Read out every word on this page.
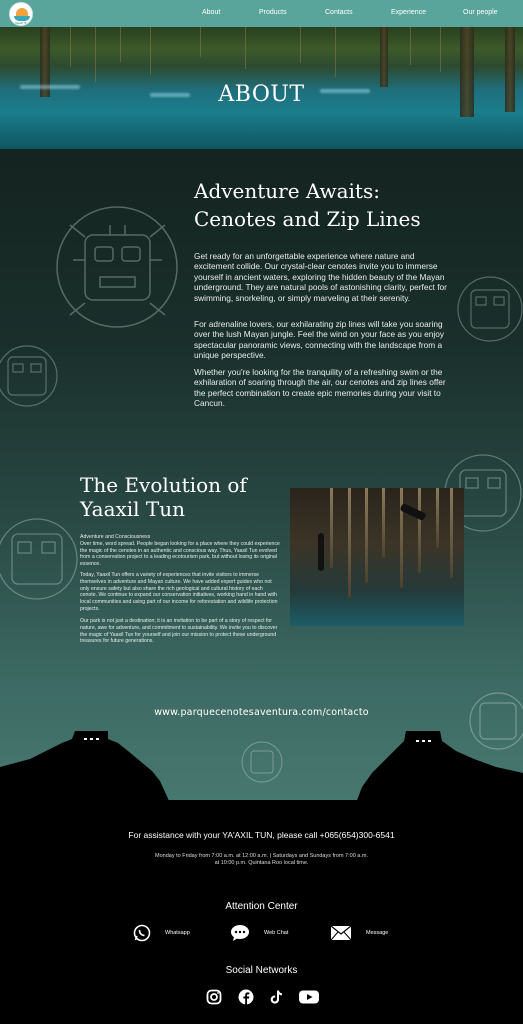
Yaaxil Tun
About	Products	Contacts	Experience	Our people
ABOUT
Adventure Awaits:
Cenotes and Zip Lines

Get ready for an unforgettable experience where nature and excitement collide. Our crystal-clear cenotes invite you to immerse yourself in ancient waters, exploring the hidden beauty of the Mayan underground. They are natural pools of astonishing clarity, perfect for swimming, snorkeling, or simply marveling at their serenity.

For adrenaline lovers, our exhilarating zip lines will take you soaring over the lush Mayan jungle. Feel the wind on your face as you enjoy spectacular panoramic views, connecting with the landscape from a unique perspective.

Whether you're looking for the tranquility of a refreshing swim or the exhilaration of soaring through the air, our cenotes and zip lines offer the perfect combination to create epic memories during your visit to Cancun.

The Evolution of
Yaaxil Tun

Adventure and Consciousness
Over time, word spread. People began looking for a place where they could experience the magic of the cenotes in an authentic and conscious way. Thus, Yaaxil Tun evolved from a conservation project to a leading ecotourism park, but without losing its original essence.

Today, Yaaxil Tun offers a variety of experiences that invite visitors to immerse themselves in adventure and Mayan culture. We have added expert guides who not only ensure safety but also share the rich geological and cultural history of each cenote. We continue to expand our conservation initiatives, working hand in hand with local communities and using part of our income for reforestation and wildlife protection projects.

Our park is not just a destination; it is an invitation to be part of a story of respect for nature, awe for adventure, and commitment to sustainability. We invite you to discover the magic of Yaaxil Tun for yourself and join our mission to protect these underground treasures for future generations.

www.parquecenotesaventura.com/contacto
For assistance with your YA'AXIL TUN, please call +065(654)300-6541
Monday to Friday from 7:00 a.m. at 12:00 a.m. | Saturdays and Sundays from 7:00 a.m.
at 10:00 p.m. Quintana Roo local time.
Attention Center
Whatsapp	Web Chat	Message
Social Networks
